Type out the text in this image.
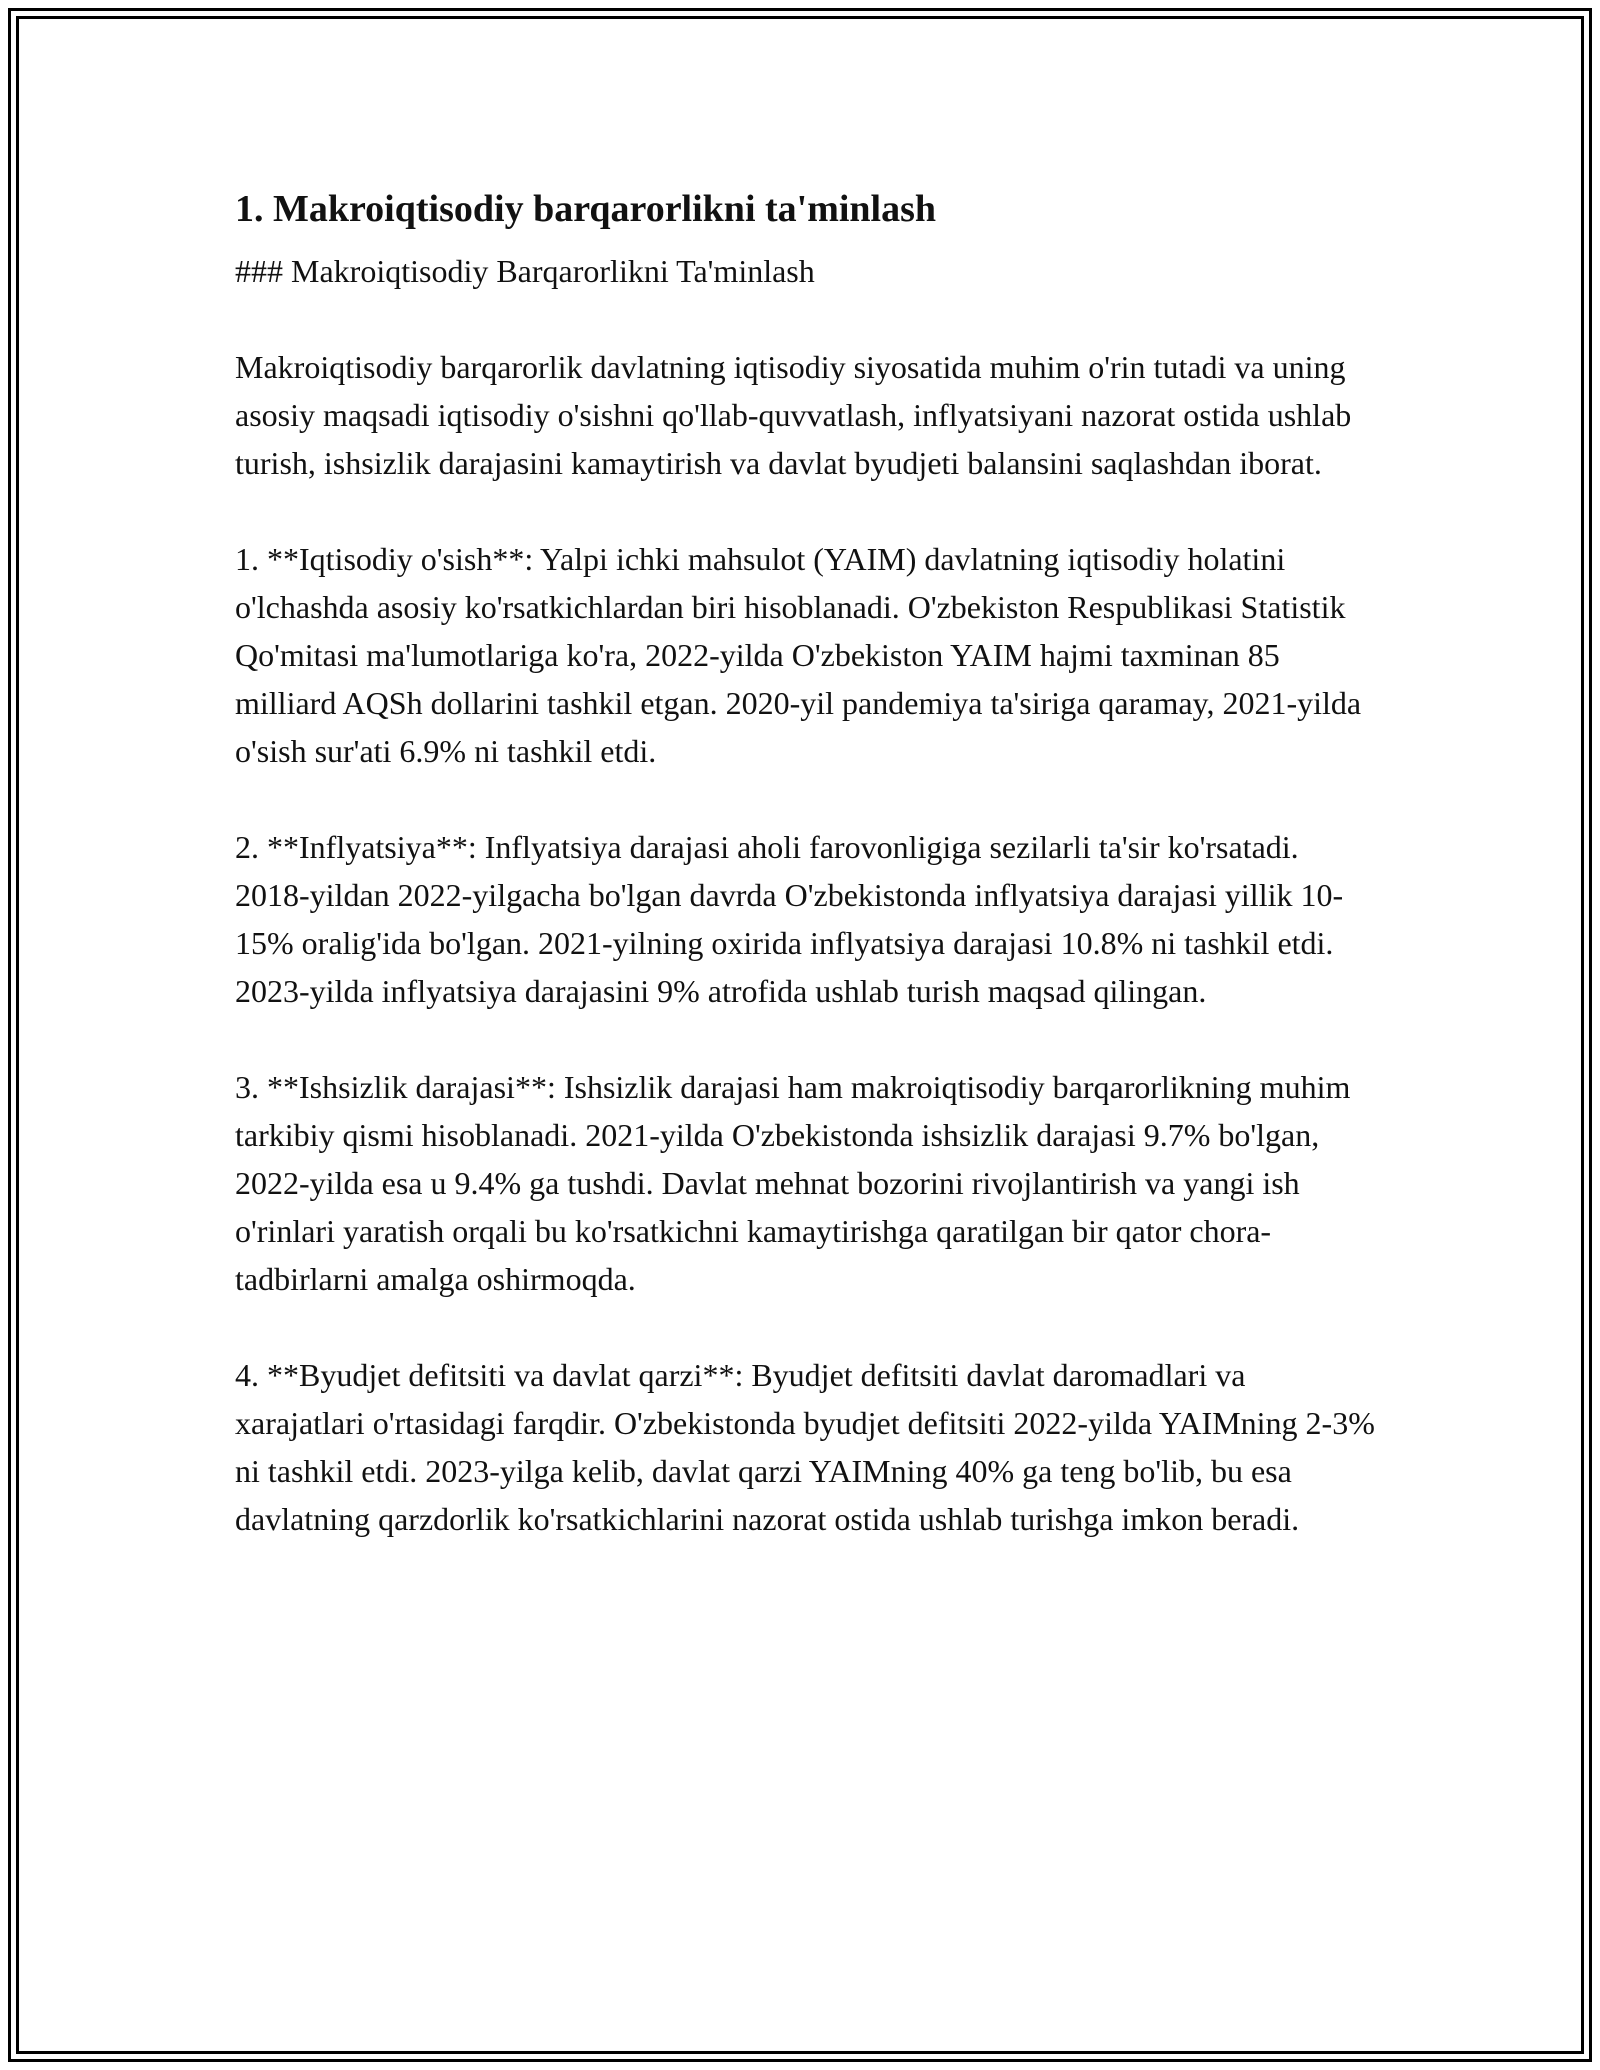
1. Makroiqtisodiy barqarorlikni ta'minlash

### Makroiqtisodiy Barqarorlikni Ta'minlash

Makroiqtisodiy barqarorlik davlatning iqtisodiy siyosatida muhim o'rin tutadi va uning asosiy maqsadi iqtisodiy o'sishni qo'llab-quvvatlash, inflyatsiyani nazorat ostida ushlab turish, ishsizlik darajasini kamaytirish va davlat byudjeti balansini saqlashdan iborat.

1. **Iqtisodiy o'sish**: Yalpi ichki mahsulot (YAIM) davlatning iqtisodiy holatini o'lchashda asosiy ko'rsatkichlardan biri hisoblanadi. O'zbekiston Respublikasi Statistik Qo'mitasi ma'lumotlariga ko'ra, 2022-yilda O'zbekiston YAIM hajmi taxminan 85 milliard AQSh dollarini tashkil etgan. 2020-yil pandemiya ta'siriga qaramay, 2021-yilda o'sish sur'ati 6.9% ni tashkil etdi.

2. **Inflyatsiya**: Inflyatsiya darajasi aholi farovonligiga sezilarli ta'sir ko'rsatadi. 2018-yildan 2022-yilgacha bo'lgan davrda O'zbekistonda inflyatsiya darajasi yillik 10-15% oralig'ida bo'lgan. 2021-yilning oxirida inflyatsiya darajasi 10.8% ni tashkil etdi. 2023-yilda inflyatsiya darajasini 9% atrofida ushlab turish maqsad qilingan.

3. **Ishsizlik darajasi**: Ishsizlik darajasi ham makroiqtisodiy barqarorlikning muhim tarkibiy qismi hisoblanadi. 2021-yilda O'zbekistonda ishsizlik darajasi 9.7% bo'lgan, 2022-yilda esa u 9.4% ga tushdi. Davlat mehnat bozorini rivojlantirish va yangi ish o'rinlari yaratish orqali bu ko'rsatkichni kamaytirishga qaratilgan bir qator chora-tadbirlarni amalga oshirmoqda.

4. **Byudjet defitsiti va davlat qarzi**: Byudjet defitsiti davlat daromadlari va xarajatlari o'rtasidagi farqdir. O'zbekistonda byudjet defitsiti 2022-yilda YAIMning 2-3% ni tashkil etdi. 2023-yilga kelib, davlat qarzi YAIMning 40% ga teng bo'lib, bu esa davlatning qarzdorlik ko'rsatkichlarini nazorat ostida ushlab turishga imkon beradi.
